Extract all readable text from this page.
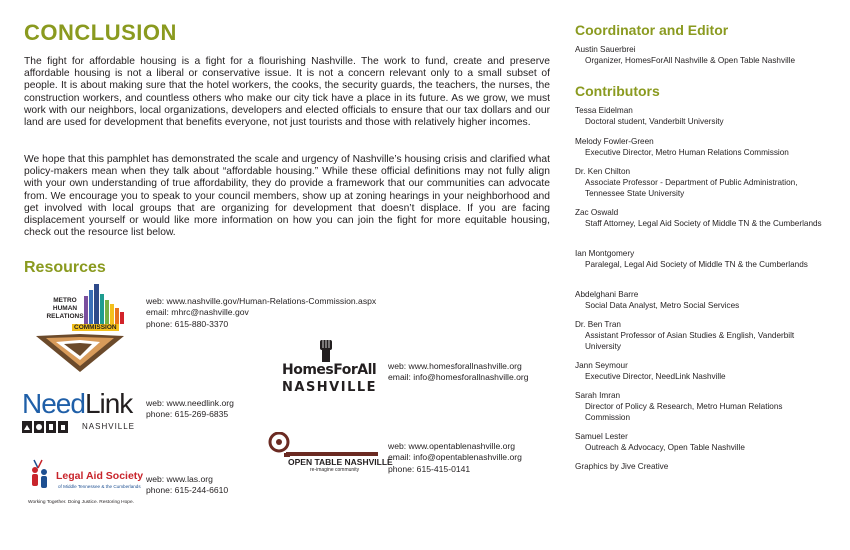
CONCLUSION

The fight for affordable housing is a fight for a flourishing Nashville. The work to fund, create and preserve affordable housing is not a liberal or conservative issue. It is not a concern relevant only to a small subset of people. It is about making sure that the hotel workers, the cooks, the security guards, the teachers, the nurses, the construction workers, and countless others who make our city tick have a place in its future. As we grow, we must work with our neighbors, local organizations, developers and elected officials to ensure that our tax dollars and our land are used for development that benefits everyone, not just tourists and those with relatively higher incomes.

We hope that this pamphlet has demonstrated the scale and urgency of Nashville’s housing crisis and clarified what policy-makers mean when they talk about “affordable housing.” While these official definitions may not fully align with your own understanding of true affordability, they do provide a framework that our communities can advocate from. We encourage you to speak to your council members, show up at zoning hearings in your neighborhood and get involved with local groups that are organizing for development that doesn’t displace. If you are facing displacement yourself or would like more information on how you can join the fight for more equitable housing, check out the resource list below.

Resources
METRO
HUMAN
RELATIONS
COMMISSION
web: www.nashville.gov/Human-Relations-Commission.aspx
email: mhrc@nashville.gov
phone: 615-880-3370
HomesForAll
NASHVILLE
web: www.homesforallnashville.org
email: info@homesforallnashville.org
NeedLink
NASHVILLE
web: www.needlink.org
phone: 615-269-6835
OPEN TABLE NASHVILLE
re-imagine community
web: www.opentablenashville.org
email: info@opentablenashville.org
phone: 615-415-0141
Legal Aid Society
of Middle Tennessee & the Cumberlands
Working Together. Doing Justice. Restoring Hope.
web: www.las.org
phone: 615-244-6610
Coordinator and Editor
Austin Sauerbrei
Organizer, HomesForAll Nashville & Open Table Nashville
Contributors
Tessa Eidelman
Doctoral student, Vanderbilt University
Melody Fowler-Green
Executive Director, Metro Human Relations Commission
Dr. Ken Chilton
Associate Professor - Department of Public Administration, Tennessee State University
Zac Oswald
Staff Attorney, Legal Aid Society of Middle TN & the Cumberlands
Ian Montgomery
Paralegal, Legal Aid Society of Middle TN & the Cumberlands
Abdelghani Barre
Social Data Analyst, Metro Social Services
Dr. Ben Tran
Assistant Professor of Asian Studies & English, Vanderbilt University
Jann Seymour
Executive Director, NeedLink Nashville
Sarah Imran
Director of Policy & Research, Metro Human Relations Commission
Samuel Lester
Outreach & Advocacy, Open Table Nashville
Graphics by Jive Creative
